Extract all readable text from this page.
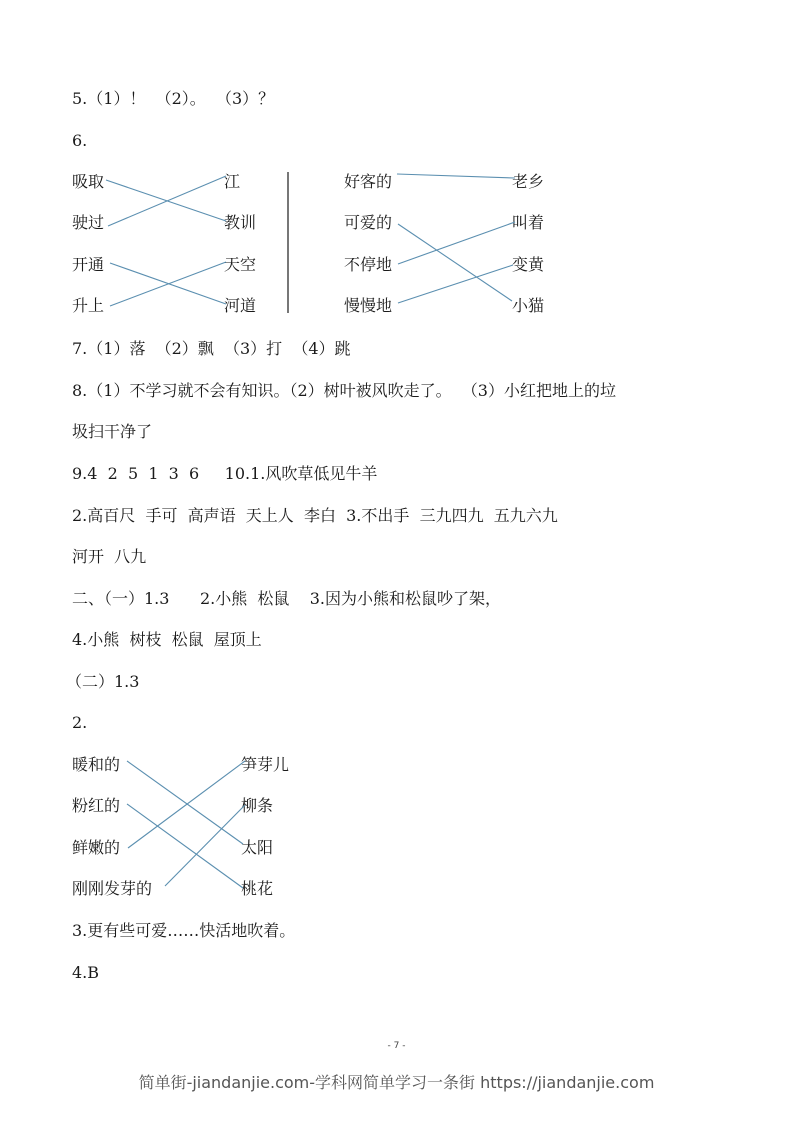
5.（1）！  （2）。  （3）？
6.
吸取
驶过
开通
升上
江
教训
天空
河道
好客的
可爱的
不停地
慢慢地
老乡
叫着
变黄
小猫
7.（1）落  （2）飘  （3）打  （4）跳
8.（1）不学习就不会有知识。（2）树叶被风吹走了。  （3）小红把地上的垃
圾扫干净了
9.4  2  5  1  3  6     10.1.风吹草低见牛羊
2.高百尺  手可  高声语  天上人  李白  3.不出手  三九四九  五九六九
河开  八九
二、（一）1.3      2.小熊  松鼠    3.因为小熊和松鼠吵了架，
4.小熊  树枝  松鼠  屋顶上
（二）1.3
2.
暖和的
粉红的
鲜嫩的
刚刚发芽的
笋芽儿
柳条
太阳
桃花
3.更有些可爱……快活地吹着。
4.B
- 7 -
简单街-jiandanjie.com-学科网简单学习一条街 https://jiandanjie.com
